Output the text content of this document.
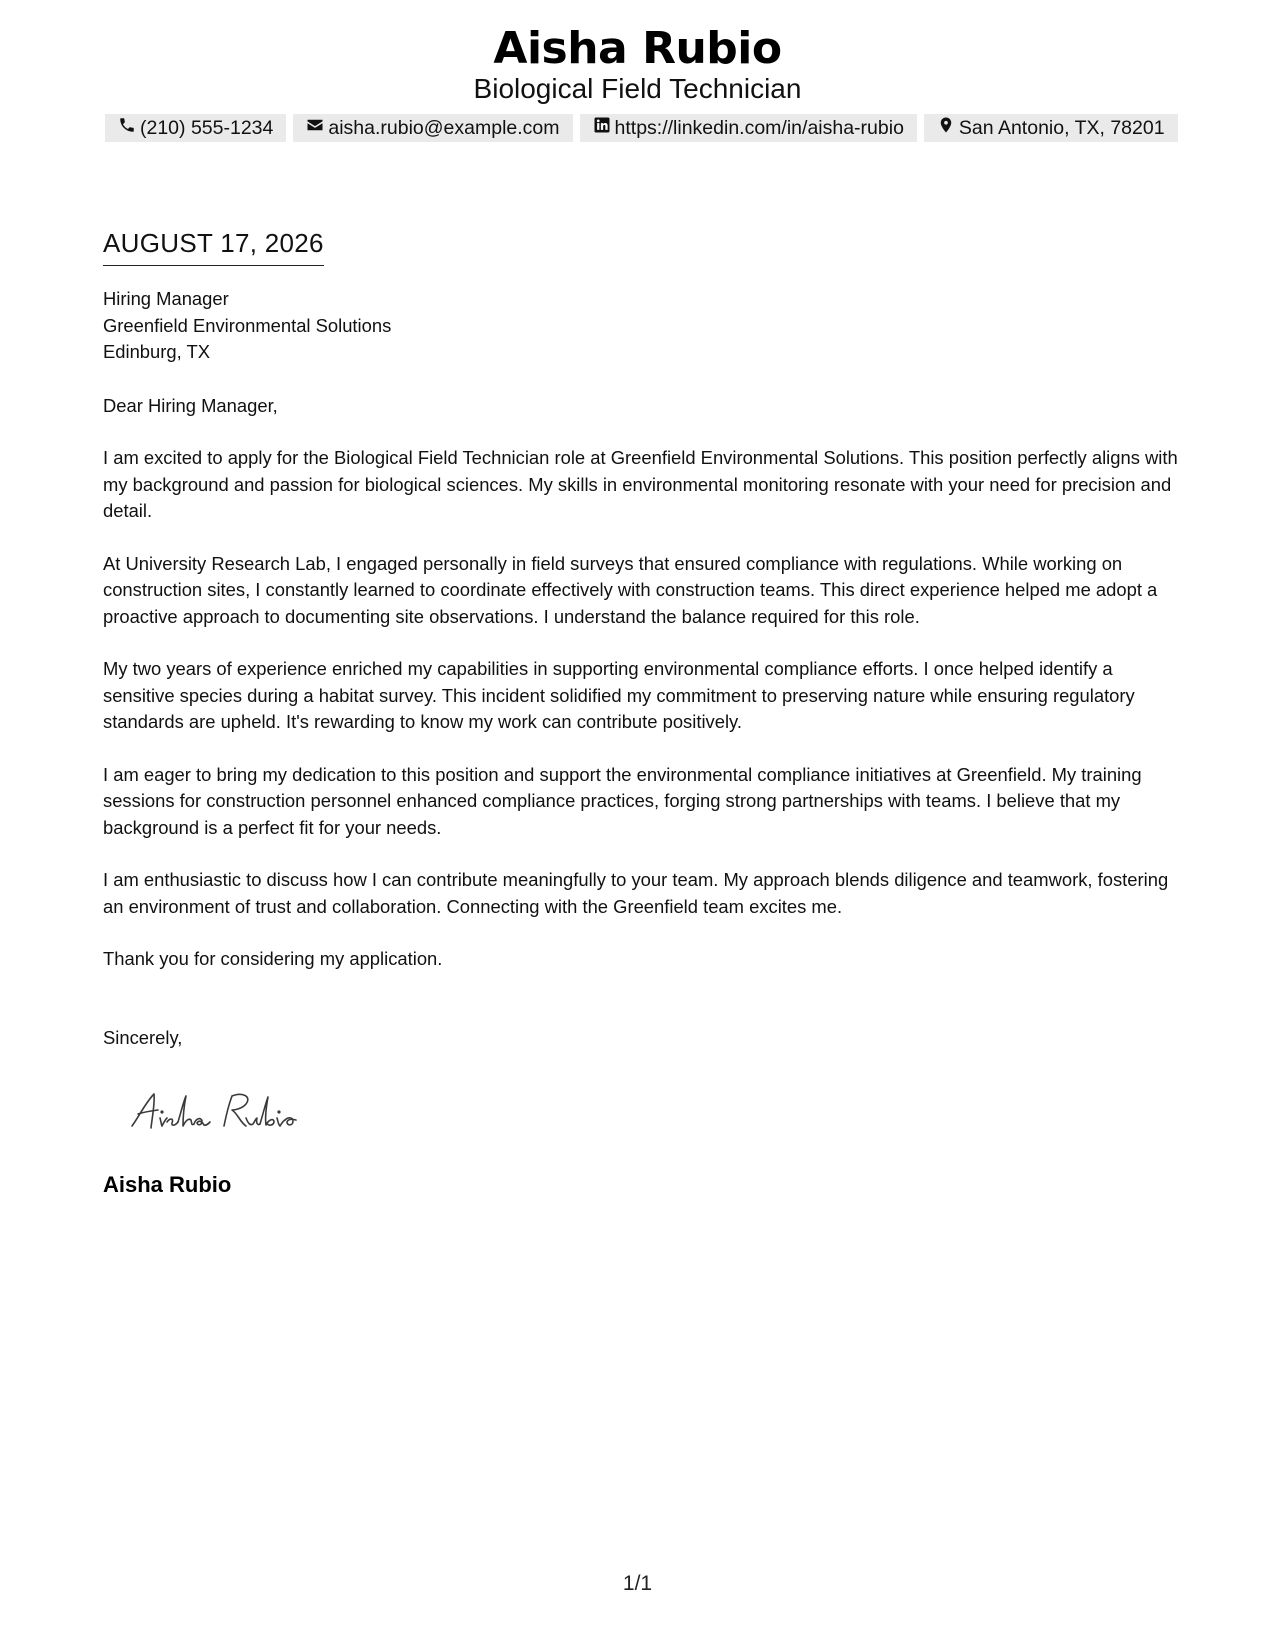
Aisha Rubio
Biological Field Technician
(210) 555-1234	aisha.rubio@example.com	https://linkedin.com/in/aisha-rubio	San Antonio, TX, 78201
AUGUST 17, 2026
Hiring Manager
Greenfield Environmental Solutions
Edinburg, TX
Dear Hiring Manager,

I am excited to apply for the Biological Field Technician role at Greenfield Environmental Solutions. This position perfectly aligns with my background and passion for biological sciences. My skills in environmental monitoring resonate with your need for precision and detail.

At University Research Lab, I engaged personally in field surveys that ensured compliance with regulations. While working on construction sites, I constantly learned to coordinate effectively with construction teams. This direct experience helped me adopt a proactive approach to documenting site observations. I understand the balance required for this role.

My two years of experience enriched my capabilities in supporting environmental compliance efforts. I once helped identify a sensitive species during a habitat survey. This incident solidified my commitment to preserving nature while ensuring regulatory standards are upheld. It's rewarding to know my work can contribute positively.

I am eager to bring my dedication to this position and support the environmental compliance initiatives at Greenfield. My training sessions for construction personnel enhanced compliance practices, forging strong partnerships with teams. I believe that my background is a perfect fit for your needs.

I am enthusiastic to discuss how I can contribute meaningfully to your team. My approach blends diligence and teamwork, fostering an environment of trust and collaboration. Connecting with the Greenfield team excites me.

Thank you for considering my application.

Sincerely,
Aisha Rubio
1/1
